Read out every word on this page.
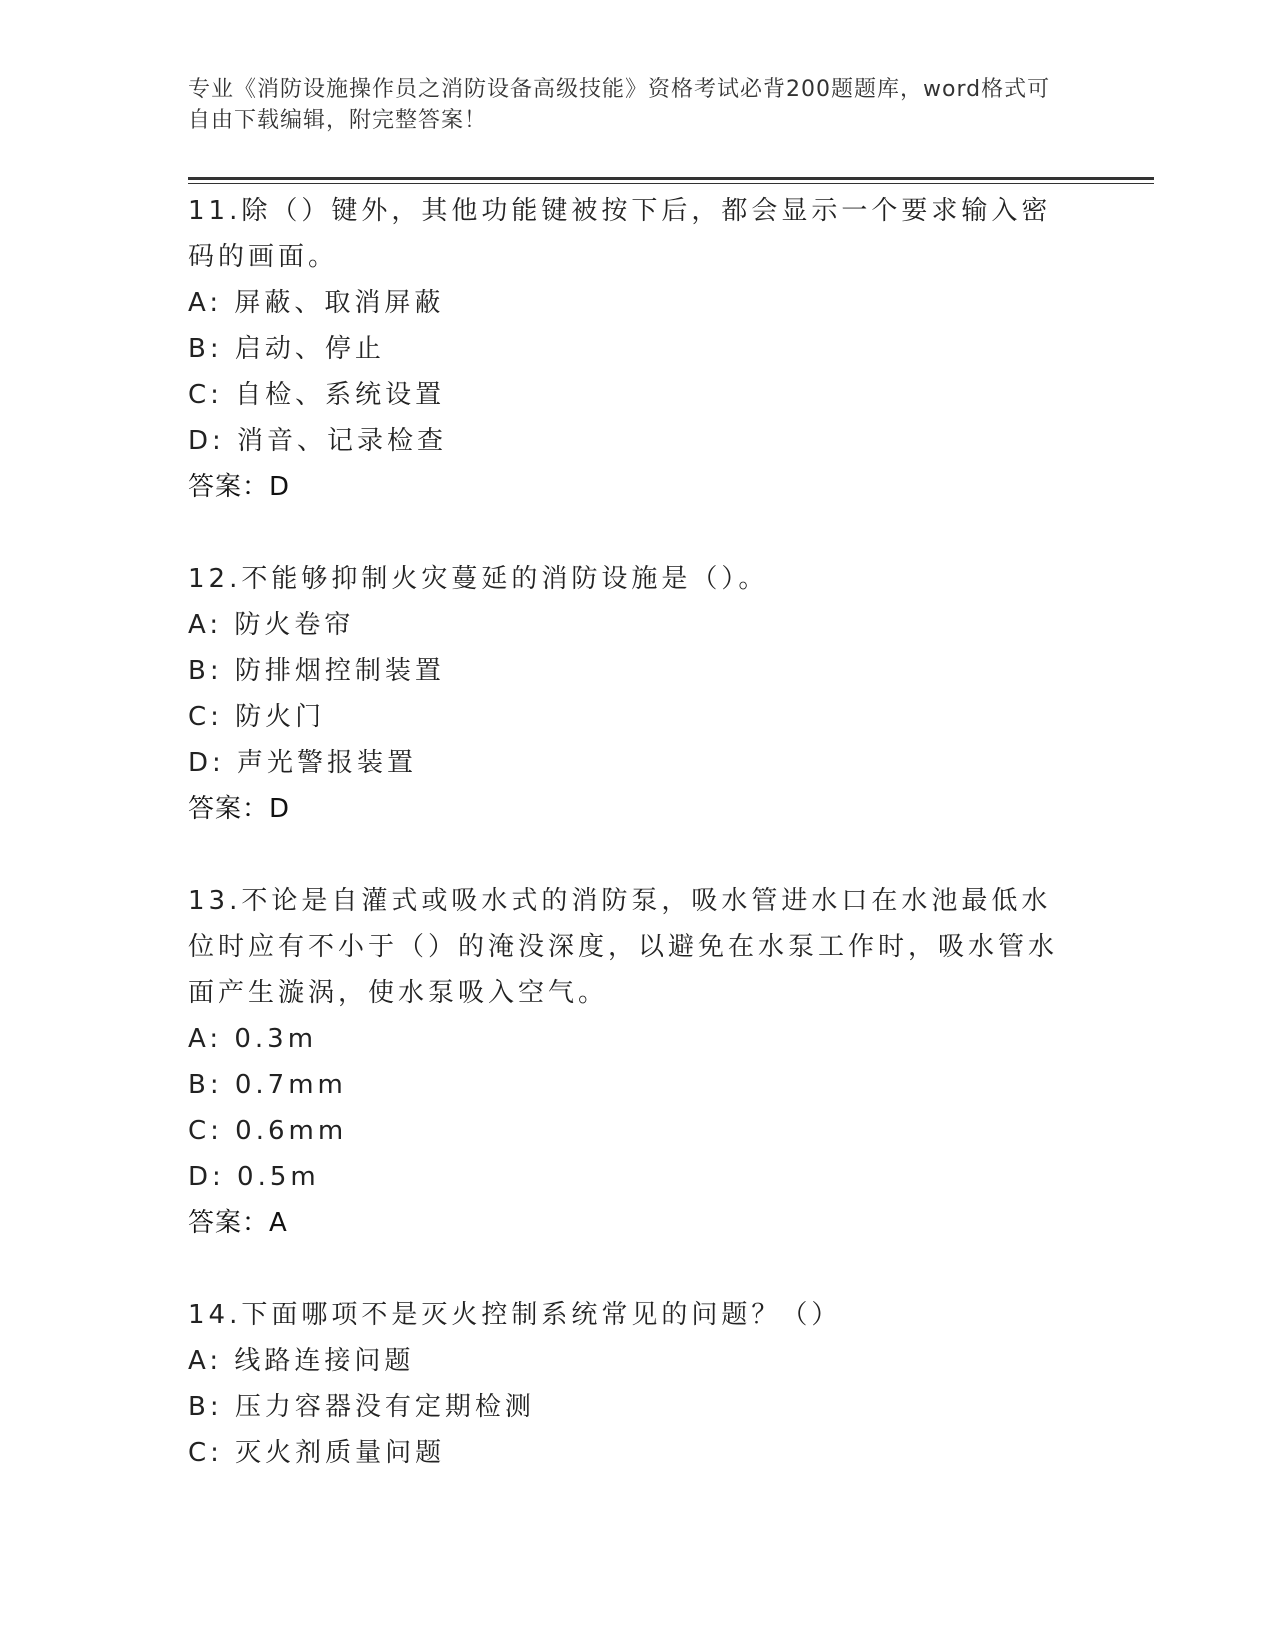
专业《消防设施操作员之消防设备高级技能》资格考试必背200题题库，word格式可自由下载编辑，附完整答案！
11.除（）键外，其他功能键被按下后，都会显示一个要求输入密码的画面。
A: 屏蔽、取消屏蔽
B: 启动、停止
C: 自检、系统设置
D: 消音、记录检查
答案：D
12.不能够抑制火灾蔓延的消防设施是（）。
A: 防火卷帘
B: 防排烟控制装置
C: 防火门
D: 声光警报装置
答案：D
13.不论是自灌式或吸水式的消防泵，吸水管进水口在水池最低水位时应有不小于（）的淹没深度，以避免在水泵工作时，吸水管水面产生漩涡，使水泵吸入空气。
A: 0.3m
B: 0.7mm
C: 0.6mm
D: 0.5m
答案：A
14.下面哪项不是灭火控制系统常见的问题？（）
A: 线路连接问题
B: 压力容器没有定期检测
C: 灭火剂质量问题
